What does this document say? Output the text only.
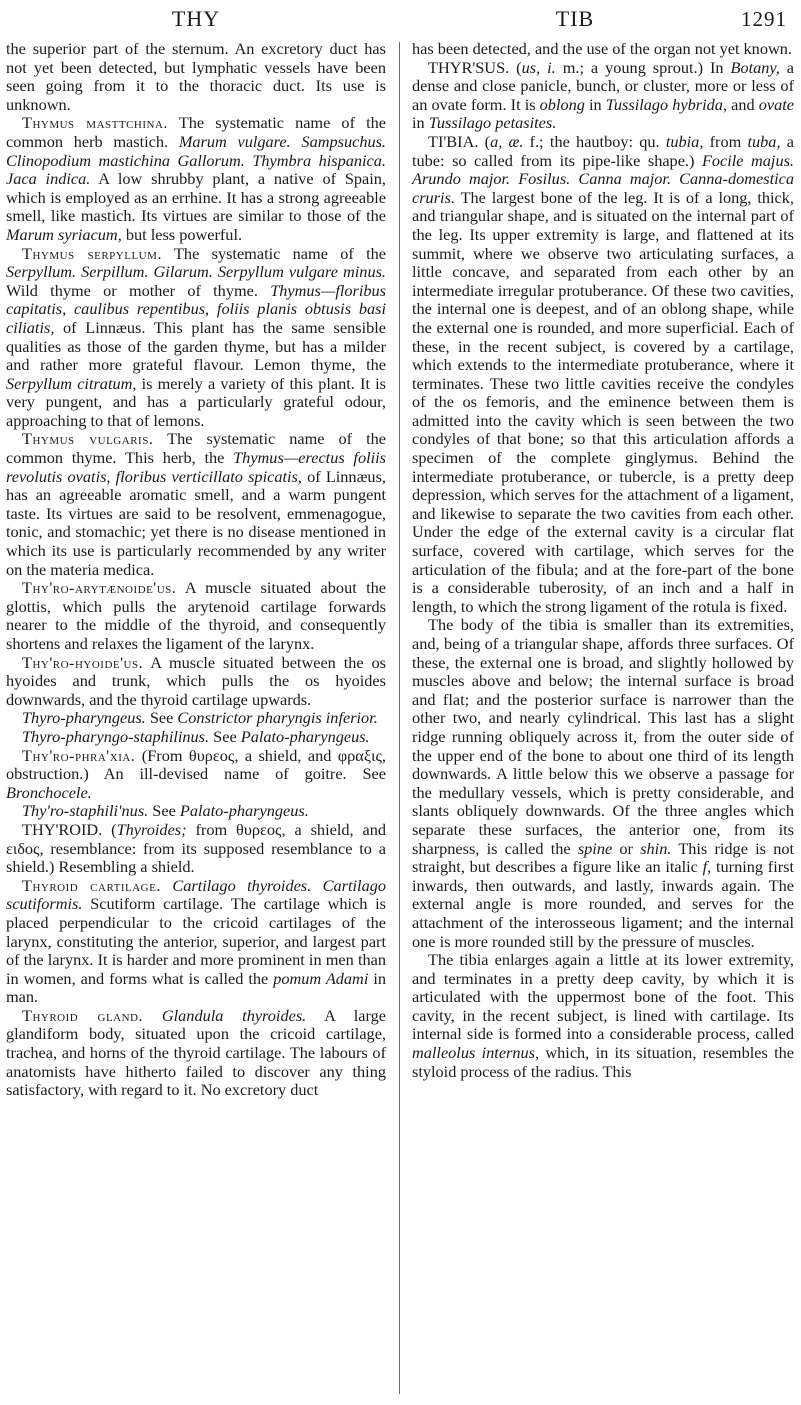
THY	TIB	1291

the superior part of the sternum. An excretory duct has not yet been detected, but lymphatic vessels have been seen going from it to the thoracic duct. Its use is unknown.

Thymus masttchina. The systematic name of the common herb mastich. Marum vulgare. Sampsuchus. Clinopodium mastichina Gallorum. Thymbra hispanica. Jaca indica. A low shrubby plant, a native of Spain, which is employed as an errhine. It has a strong agreeable smell, like mastich. Its virtues are similar to those of the Marum syriacum, but less powerful.

Thymus serpyllum. The systematic name of the Serpyllum. Serpillum. Gilarum. Serpyllum vulgare minus. Wild thyme or mother of thyme. Thymus—floribus capitatis, caulibus repentibus, foliis planis obtusis basi ciliatis, of Linnæus. This plant has the same sensible qualities as those of the garden thyme, but has a milder and rather more grateful flavour. Lemon thyme, the Serpyllum citratum, is merely a variety of this plant. It is very pungent, and has a particularly grateful odour, approaching to that of lemons.

Thymus vulgaris. The systematic name of the common thyme. This herb, the Thymus—erectus foliis revolutis ovatis, floribus verticillato spicatis, of Linnæus, has an agreeable aromatic smell, and a warm pungent taste. Its virtues are said to be resolvent, emmenagogue, tonic, and stomachic; yet there is no disease mentioned in which its use is particularly recommended by any writer on the materia medica.

Thy'ro-arytænoide'us. A muscle situated about the glottis, which pulls the arytenoid cartilage forwards nearer to the middle of the thyroid, and consequently shortens and relaxes the ligament of the larynx.

Thy'ro-hyoide'us. A muscle situated between the os hyoides and trunk, which pulls the os hyoides downwards, and the thyroid cartilage upwards.

Thyro-pharyngeus. See Constrictor pharyngis inferior.

Thyro-pharyngo-staphilinus. See Palato-pharyngeus.

Thy'ro-phra'xia. (From θυρεος, a shield, and φραξις, obstruction.) An ill-devised name of goitre. See Bronchocele.

Thy'ro-staphili'nus. See Palato-pharyngeus.

THY'ROID. (Thyroides; from θυρεος, a shield, and ειδος, resemblance: from its supposed resemblance to a shield.) Resembling a shield.

Thyroid cartilage. Cartilago thyroides. Cartilago scutiformis. Scutiform cartilage. The cartilage which is placed perpendicular to the cricoid cartilages of the larynx, constituting the anterior, superior, and largest part of the larynx. It is harder and more prominent in men than in women, and forms what is called the pomum Adami in man.

Thyroid gland. Glandula thyroides. A large glandiform body, situated upon the cricoid cartilage, trachea, and horns of the thyroid cartilage. The labours of anatomists have hitherto failed to discover any thing satisfactory, with regard to it. No excretory duct

has been detected, and the use of the organ not yet known.

THYR'SUS. (us, i. m.; a young sprout.) In Botany, a dense and close panicle, bunch, or cluster, more or less of an ovate form. It is oblong in Tussilago hybrida, and ovate in Tussilago petasites.

TI'BIA. (a, æ. f.; the hautboy: qu. tubia, from tuba, a tube: so called from its pipe-like shape.) Focile majus. Arundo major. Fosilus. Canna major. Canna-domestica cruris. The largest bone of the leg. It is of a long, thick, and triangular shape, and is situated on the internal part of the leg. Its upper extremity is large, and flattened at its summit, where we observe two articulating surfaces, a little concave, and separated from each other by an intermediate irregular protuberance. Of these two cavities, the internal one is deepest, and of an oblong shape, while the external one is rounded, and more superficial. Each of these, in the recent subject, is covered by a cartilage, which extends to the intermediate protuberance, where it terminates. These two little cavities receive the condyles of the os femoris, and the eminence between them is admitted into the cavity which is seen between the two condyles of that bone; so that this articulation affords a specimen of the complete ginglymus. Behind the intermediate protuberance, or tubercle, is a pretty deep depression, which serves for the attachment of a ligament, and likewise to separate the two cavities from each other. Under the edge of the external cavity is a circular flat surface, covered with cartilage, which serves for the articulation of the fibula; and at the fore-part of the bone is a considerable tuberosity, of an inch and a half in length, to which the strong ligament of the rotula is fixed.

The body of the tibia is smaller than its extremities, and, being of a triangular shape, affords three surfaces. Of these, the external one is broad, and slightly hollowed by muscles above and below; the internal surface is broad and flat; and the posterior surface is narrower than the other two, and nearly cylindrical. This last has a slight ridge running obliquely across it, from the outer side of the upper end of the bone to about one third of its length downwards. A little below this we observe a passage for the medullary vessels, which is pretty considerable, and slants obliquely downwards. Of the three angles which separate these surfaces, the anterior one, from its sharpness, is called the spine or shin. This ridge is not straight, but describes a figure like an italic f, turning first inwards, then outwards, and lastly, inwards again. The external angle is more rounded, and serves for the attachment of the interosseous ligament; and the internal one is more rounded still by the pressure of muscles.

The tibia enlarges again a little at its lower extremity, and terminates in a pretty deep cavity, by which it is articulated with the uppermost bone of the foot. This cavity, in the recent subject, is lined with cartilage. Its internal side is formed into a considerable process, called malleolus internus, which, in its situation, resembles the styloid process of the radius. This
